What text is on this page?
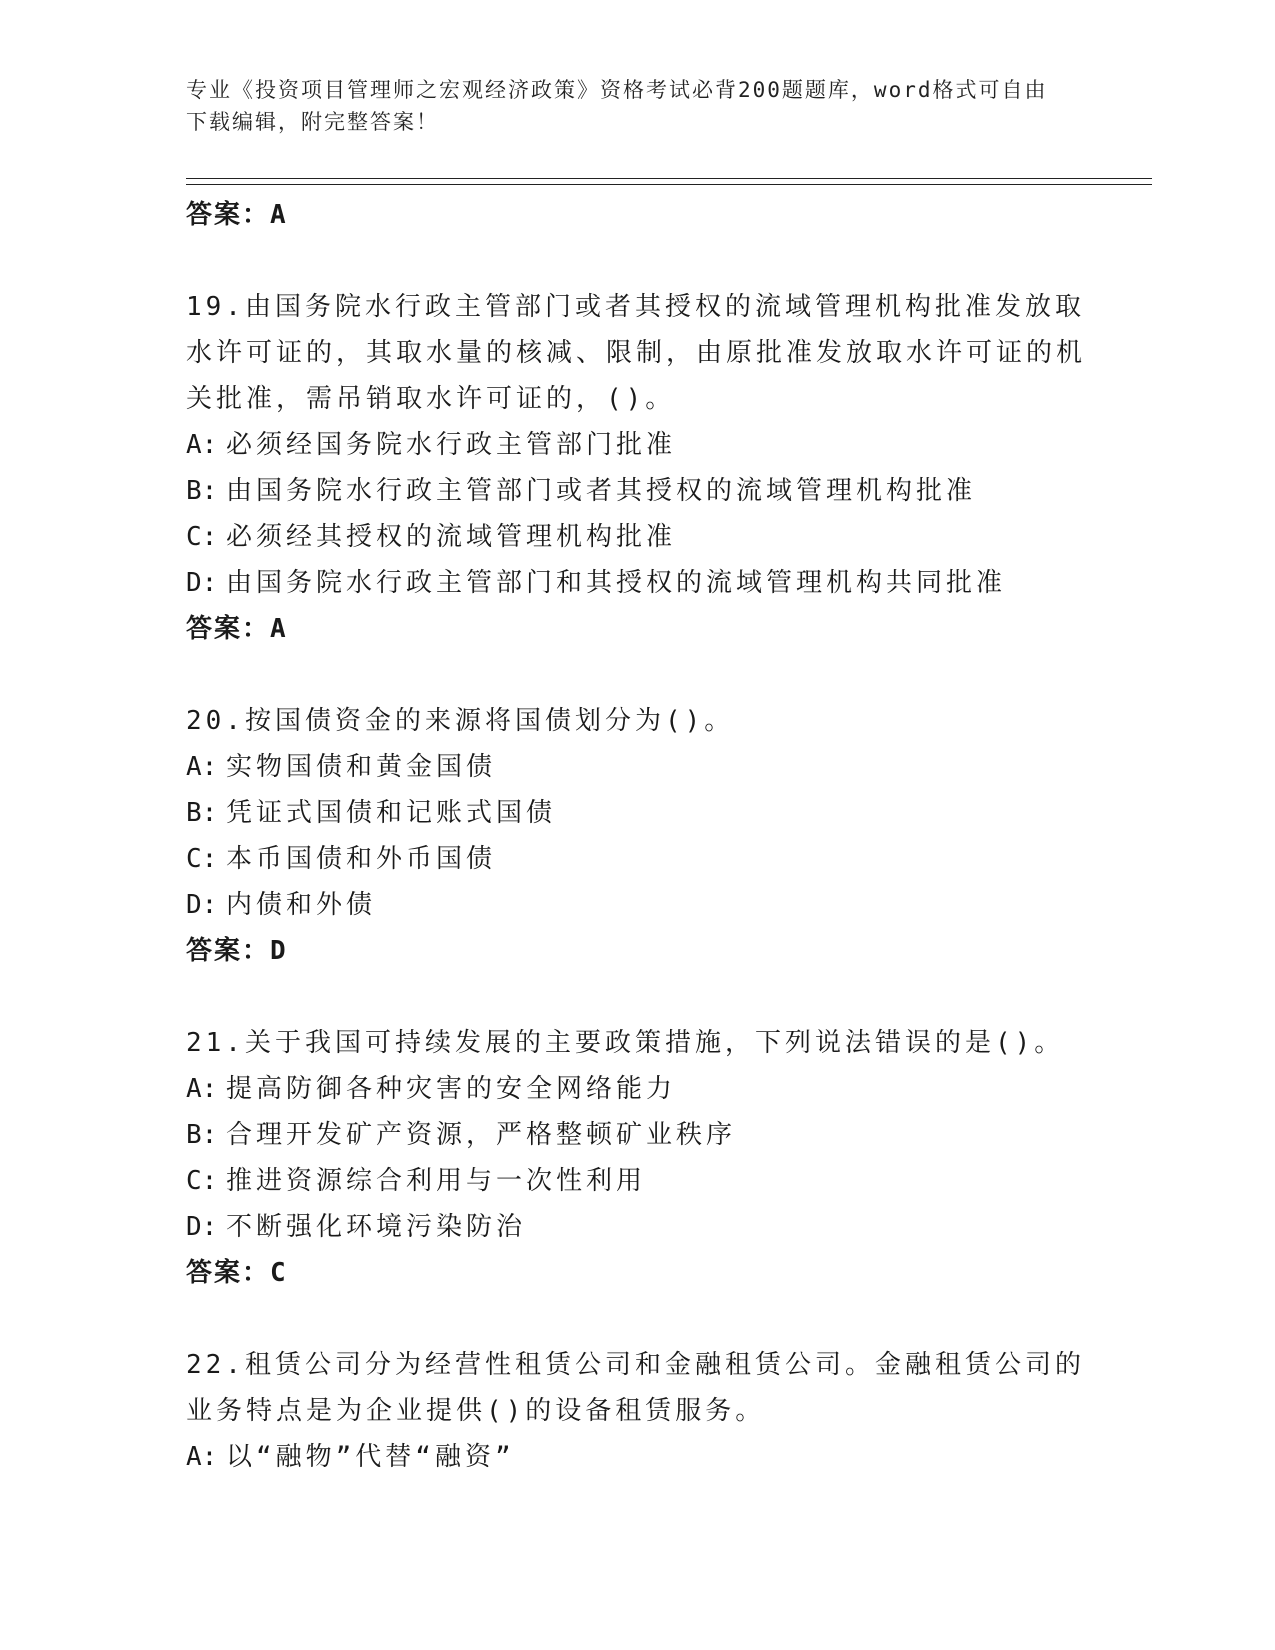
专业《投资项目管理师之宏观经济政策》资格考试必背200题题库，word格式可自由下载编辑，附完整答案！

答案：A

19.由国务院水行政主管部门或者其授权的流域管理机构批准发放取水许可证的，其取水量的核减、限制，由原批准发放取水许可证的机关批准，需吊销取水许可证的，()。

A: 必须经国务院水行政主管部门批准

B: 由国务院水行政主管部门或者其授权的流域管理机构批准

C: 必须经其授权的流域管理机构批准

D: 由国务院水行政主管部门和其授权的流域管理机构共同批准

答案：A

20.按国债资金的来源将国债划分为()。

A: 实物国债和黄金国债

B: 凭证式国债和记账式国债

C: 本币国债和外币国债

D: 内债和外债

答案：D

21.关于我国可持续发展的主要政策措施，下列说法错误的是()。

A: 提高防御各种灾害的安全网络能力

B: 合理开发矿产资源，严格整顿矿业秩序

C: 推进资源综合利用与一次性利用

D: 不断强化环境污染防治

答案：C

22.租赁公司分为经营性租赁公司和金融租赁公司。金融租赁公司的业务特点是为企业提供()的设备租赁服务。

A: 以“融物”代替“融资”
